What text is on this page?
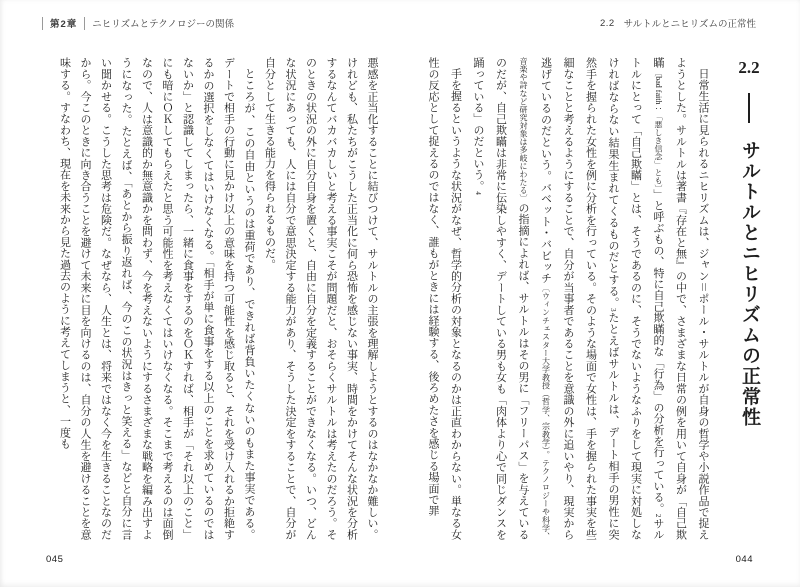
第2章 ニヒリズムとテクノロジーの関係

悪感を正当化することに結びつけて、サルトルの主張を理解しようとするのはなかなか難しい。けれども、私たちがこうした正当化に何ら恐怖を感じない事実、時間をかけてそんな状況を分析するなんてバカバカしいと考える事実こそが問題だと、おそらくサルトルは考えたのだろう。そのときの状況の外に自分自身を置くと、自由に自分を定義することができなくなる。いつ、どんな状況にあっても、人には自分で意思決定する能力があり、そうした決定をすることで、自分が自分として生きる能力を得られるものだ。

ところが、この自由というのは重荷であり、できれば背負いたくないのもまた事実である。デートで相手の行動に見かけ以上の意味を持つ可能性を感じ取ると、それを受け入れるか拒絶するかの選択をしなくてはいけなくなる。「相手が単に食事をする以上のことを求めているのではないか」と認識してしまったら、一緒に食事をするのをＯＫすれば、相手が「それ以上のこと」にも暗にＯＫしてもらえたと思う可能性を考えなくてはいけなくなる。そこまで考えるのは面倒なので、人は意識的か無意識かを問わず、今を考えないようにするさまざまな戦略を編み出すようになった。たとえば、「あとから振り返れば、今のこの状況はきっと笑える」などと自分に言い聞かせる。こうした思考は危険だ。なぜなら、人生とは、将来ではなく今を生きることなのだから。今このときに向き合うことを避けて未来に目を向けるのは、自分の人生を避けることを意味する。すなわち、現在を未来から見た過去のように考えてしまうと、一度も

045
2.2 サルトルとニヒリズムの正常性
2.2  サルトルとニヒリズムの正常性

日常生活に見られるニヒリズムは、ジャン＝ポール・サルトルが自身の哲学や小説作品で捉えようとした。サルトルは著書『存在と無』の中で、さまざまな日常の例を用いて自身が「自己欺瞞〔bad faith：「悪しき信念」とも〕」と呼ぶもの、特に自己欺瞞的な「行為」の分析を行っている。2サルトルにとって「自己欺瞞」とは、そうであるのに、そうでないようなふりをして現実に対処しなければならない結果生まれてくるものだとする。3たとえばサルトルは、デート相手の男性に突然手を握られた女性を例に分析を行っている。そのような場面で女性は、手を握られた事実を些細なことと考えるようにすることで、自分が当事者であることを意識の外に追いやり、現実から逃げているのだという。バベット・バビッチ〔ウィンチェスター大学教授（哲学、宗教学）。テクノロジーや科学、音楽や詩など研究対象は多岐にわたる〕の指摘によれば、サルトルはその男に「フリーパス」を与えているのだが、自己欺瞞は非常に伝染しやすく、デートしている男も女も「肉体より心で同じダンスを踊っている」のだという。4

手を握るというような状況がなぜ、哲学的分析の対象となるのかは正直わからない。単なる女性の反応として捉えるのではなく、誰もがときには経験する、後ろめたさを感じる場面で罪

044
